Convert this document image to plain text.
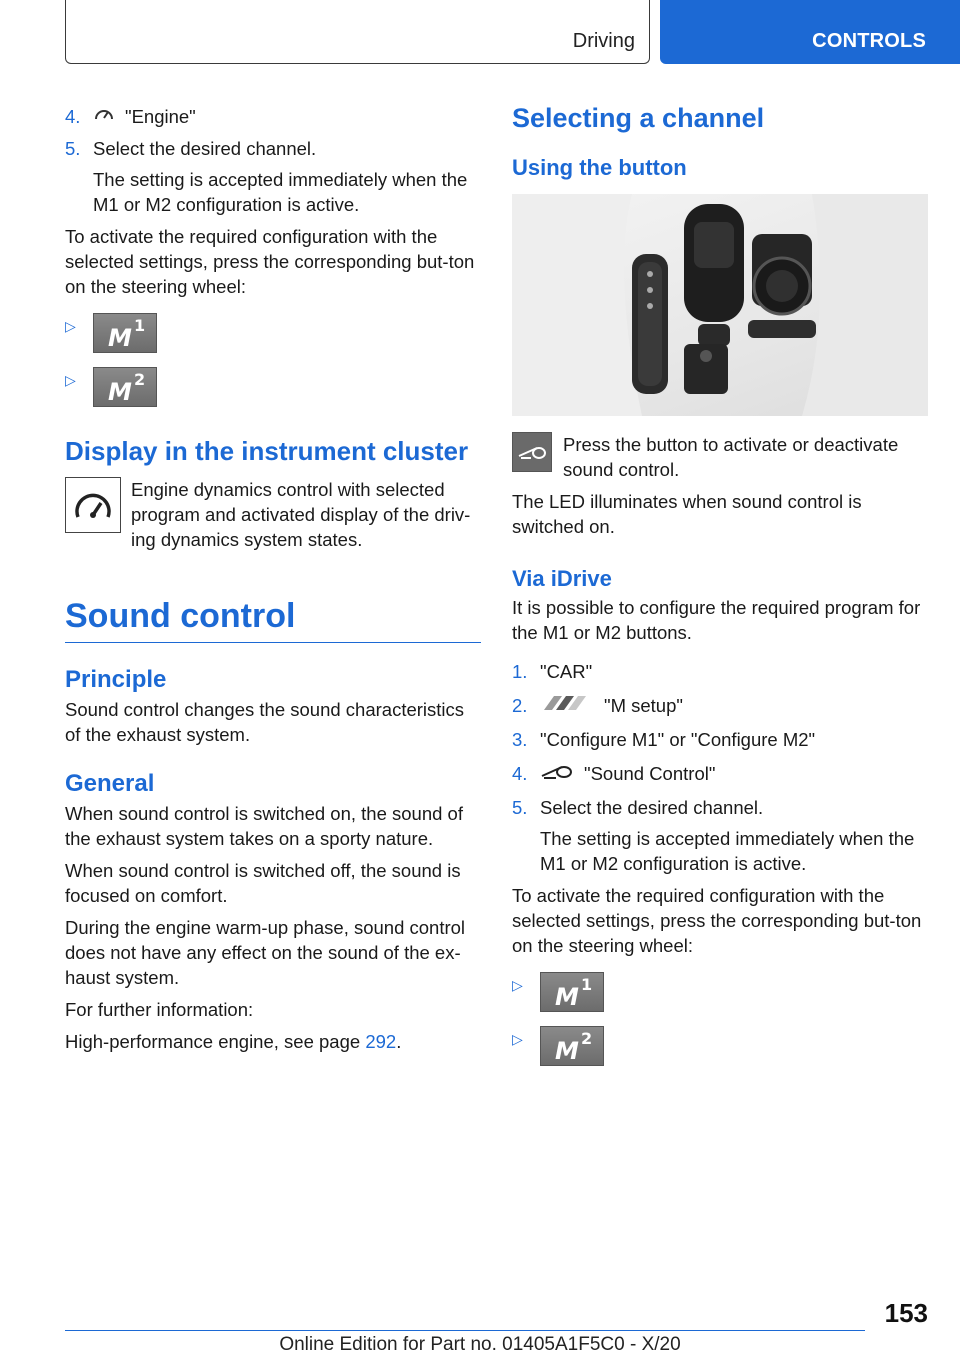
Driving	CONTROLS
4.	"Engine"
5. Select the desired channel.
The setting is accepted immediately when the M1 or M2 configuration is active.

To activate the required configuration with the selected settings, press the corresponding but-ton on the steering wheel:

▷	M 1
▷	M 2
Display in the instrument cluster
Engine dynamics control with selected program and activated display of the driv-ing dynamics system states.
Sound control
Principle

Sound control changes the sound characteristics of the exhaust system.

General

When sound control is switched on, the sound of the exhaust system takes on a sporty nature.

When sound control is switched off, the sound is focused on comfort.

During the engine warm-up phase, sound control does not have any effect on the sound of the ex-haust system.

For further information:

High-performance engine, see page 292.

Selecting a channel
Using the button
Press the button to activate or deactivate sound control.

The LED illuminates when sound control is switched on.

Via iDrive

It is possible to configure the required program for the M1 or M2 buttons.

1. "CAR"
2.	"M setup"
3. "Configure M1" or "Configure M2"
4.	"Sound Control"
5. Select the desired channel.
The setting is accepted immediately when the M1 or M2 configuration is active.

To activate the required configuration with the selected settings, press the corresponding but-ton on the steering wheel:

▷	M 1
▷	M 2
153
Online Edition for Part no. 01405A1F5C0 - X/20
